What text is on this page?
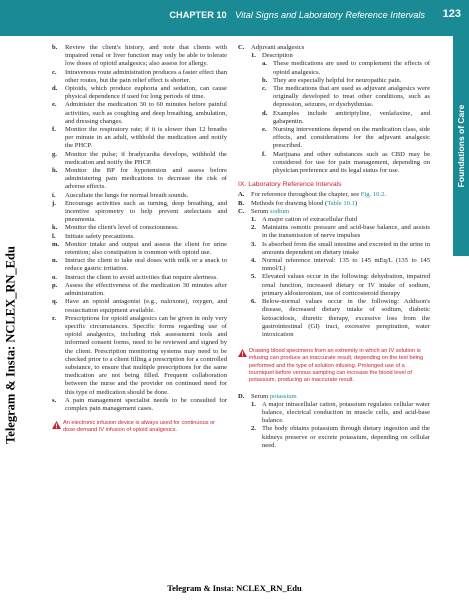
CHAPTER 10 Vital Signs and Laboratory Reference Intervals 123
Foundations of Care
Telegram & Insta: NCLEX_RN_Edu
b.	Review the client's history, and note that clients with impaired renal or liver function may only be able to tolerate low doses of opioid analgesics; also assess for allergy.
c.	Intravenous route administration produces a faster effect than other routes, but the pain relief effect is shorter.
d.	Opioids, which produce euphoria and sedation, can cause physical dependence if used for long periods of time.
e.	Administer the medication 30 to 60 minutes before painful activities, such as coughing and deep breathing, ambulation, and dressing changes.
f.	Monitor the respiratory rate; if it is slower than 12 breaths per minute in an adult, withhold the medication and notify the PHCP.
g.	Monitor the pulse; if bradycardia develops, withhold the medication and notify the PHCP.
h.	Monitor the BP for hypotension and assess before administering pain medications to decrease the risk of adverse effects.
i.	Auscultate the lungs for normal breath sounds.
j.	Encourage activities such as turning, deep breathing, and incentive spirometry to help prevent atelectasis and pneumonia.
k.	Monitor the client's level of consciousness.
l.	Initiate safety precautions.
m. Monitor intake and output and assess the client for urine retention; also constipation is common with opioid use.
n.	Instruct the client to take oral doses with milk or a snack to reduce gastric irritation.
o.	Instruct the client to avoid activities that require alertness.
p.	Assess the effectiveness of the medication 30 minutes after administration.
q.	Have an opioid antagonist (e.g., naloxone), oxygen, and resuscitation equipment available.
r.	Prescriptions for opioid analgesics can be given in only very specific circumstances. Specific forms regarding use of opioid analgesics, including risk assessment tools and informed consent forms, need to be reviewed and signed by the client. Prescription monitoring systems may need to be checked prior to a client filling a prescription for a controlled substance, to ensure that multiple prescriptions for the same medication are not being filled. Frequent collaboration between the nurse and the provider on continued need for this type of medication should be done.
s.	A pain management specialist needs to be consulted for complex pain management cases.
An electronic infusion device is always used for continuous or dose-demand IV infusion of opioid analgesics.
C. Adjuvant analgesics
1. Description
a. These medications are used to complement the effects of opioid analgesics.
b. They are especially helpful for neuropathic pain.
c. The medications that are used as adjuvant analgesics were originally developed to treat other conditions, such as depression, seizures, or dysrhythmias.
d. Examples include amitriptyline, venlafaxine, and gabapentin.
e. Nursing interventions depend on the medication class, side effects, and considerations for the adjuvant analgesic prescribed.
f.	Marijuana and other substances such as CBD may be considered for use for pain management, depending on physician preference and its legal status for use.
IX. Laboratory Reference Intervals
A. For reference throughout the chapter, see Fig. 10.2.
B.	Methods for drawing blood (Table 10.1)
C. Serum sodium
1. A major cation of extracellular fluid
2. Maintains osmotic pressure and acid-base balance, and assists in the transmission of nerve impulses
3. Is absorbed from the small intestine and excreted in the urine in amounts dependent on dietary intake
4. Normal reference interval: 135 to 145 mEq/L (135 to 145 mmol/L)
5. Elevated values occur in the following: dehydration, impaired renal function, increased dietary or IV intake of sodium, primary aldosteronism, use of corticosteroid therapy
6. Below-normal values occur in the following: Addison's disease, decreased dietary intake of sodium, diabetic ketoacidosis, diuretic therapy, excessive loss from the gastrointestinal (GI) tract, excessive perspiration, water intoxication
Drawing blood specimens from an extremity in which an IV solution is infusing can produce an inaccurate result, depending on the test being performed and the type of solution infusing. Prolonged use of a tourniquet before venous sampling can increase the blood level of potassium, producing an inaccurate result.
D. Serum potassium
1. A major intracellular cation, potassium regulates cellular water balance, electrical conduction in muscle cells, and acid-base balance.
2. The body obtains potassium through dietary ingestion and the kidneys preserve or excrete potassium, depending on cellular need.
Telegram & Insta: NCLEX_RN_Edu
